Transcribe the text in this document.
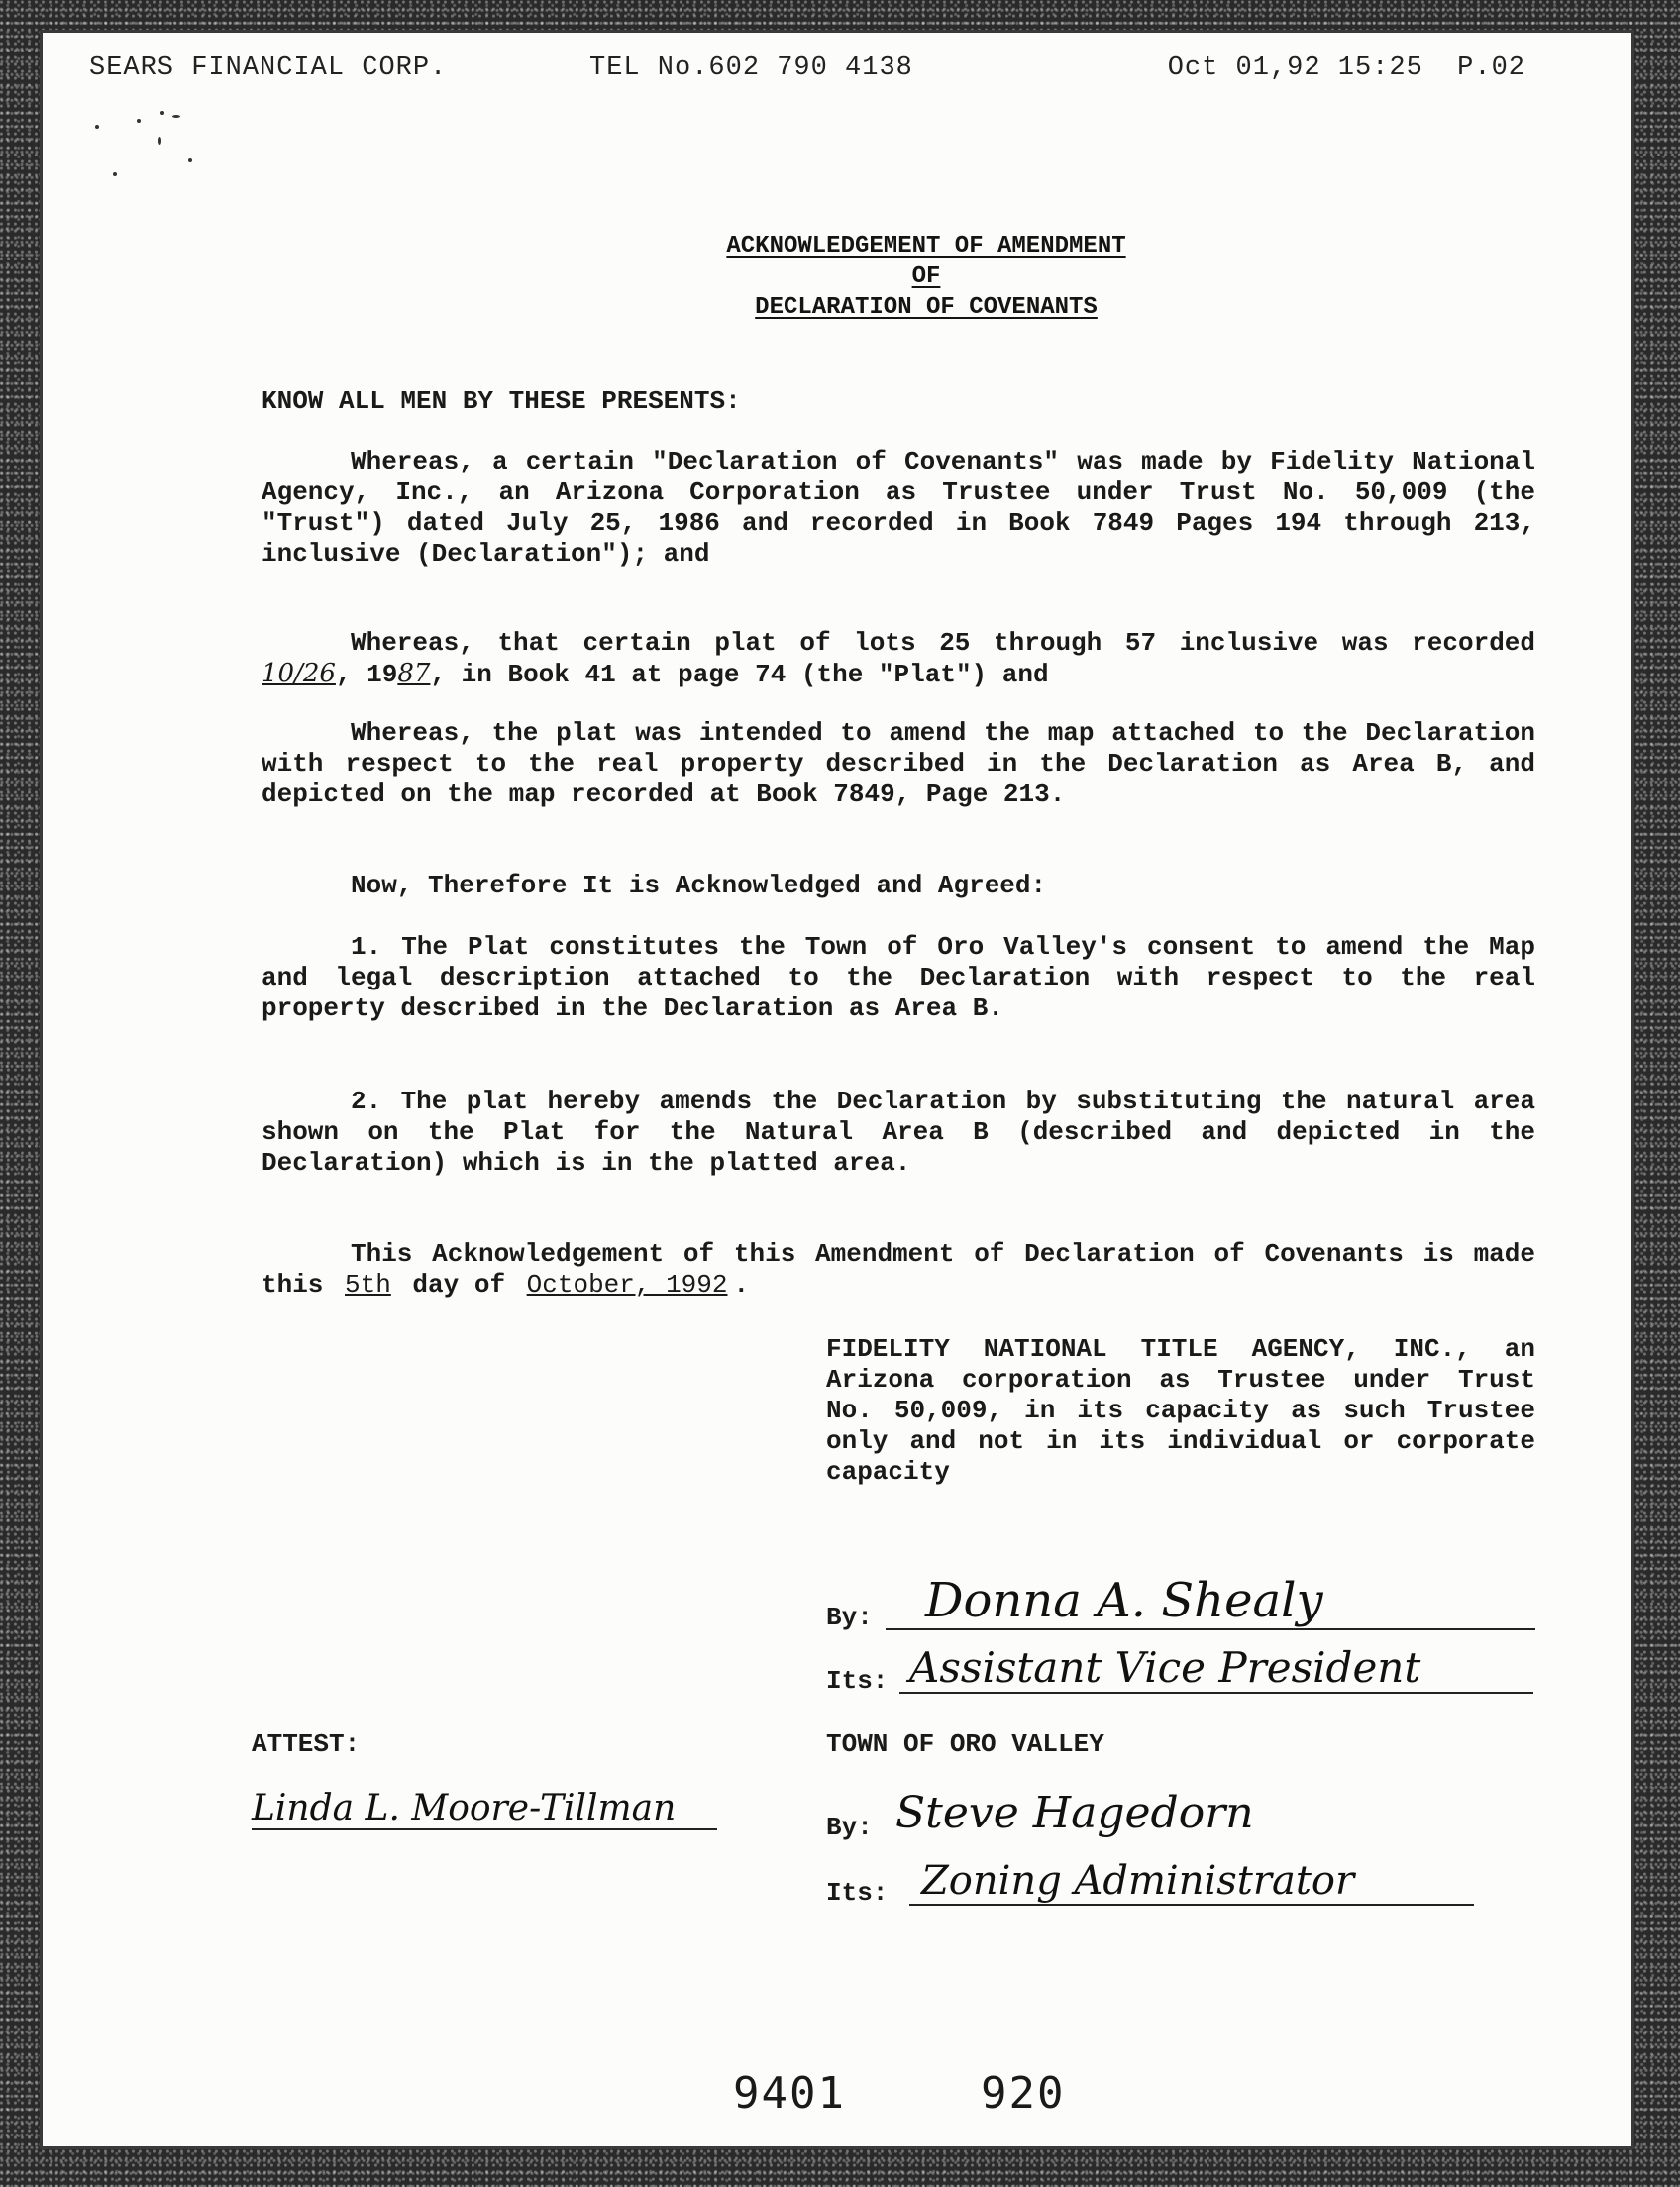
SEARS FINANCIAL CORP.	TEL No.602 790 4138	Oct 01,92 15:25  P.02
ACKNOWLEDGEMENT OF AMENDMENT
OF
DECLARATION OF COVENANTS

KNOW ALL MEN BY THESE PRESENTS:

Whereas, a certain "Declaration of Covenants" was made by Fidelity National Agency, Inc., an Arizona Corporation as Trustee under Trust No. 50,009 (the "Trust") dated July 25, 1986 and recorded in Book 7849 Pages 194 through 213, inclusive (Declaration"); and

Whereas, that certain plat of lots 25 through 57 inclusive was recorded 10/26, 1987, in Book 41 at page 74 (the "Plat") and

Whereas, the plat was intended to amend the map attached to the Declaration with respect to the real property described in the Declaration as Area B, and depicted on the map recorded at Book 7849, Page 213.

Now, Therefore It is Acknowledged and Agreed:

1. The Plat constitutes the Town of Oro Valley's consent to amend the Map and legal description attached to the Declaration with respect to the real property described in the Declaration as Area B.

2. The plat hereby amends the Declaration by substituting the natural area shown on the Plat for the Natural Area B (described and depicted in the Declaration) which is in the platted area.

This Acknowledgement of this Amendment of Declaration of Covenants is made this 5th day of October, 1992 .

FIDELITY NATIONAL TITLE AGENCY, INC., an Arizona corporation as Trustee under Trust No. 50,009, in its capacity as such Trustee only and not in its individual or corporate capacity

By: Donna A. Shealy
Its: Assistant Vice President

ATTEST:

Linda L. Moore-Tillman

TOWN OF ORO VALLEY

By: Steve Hagedorn
Its: Zoning Administrator
9401	920
